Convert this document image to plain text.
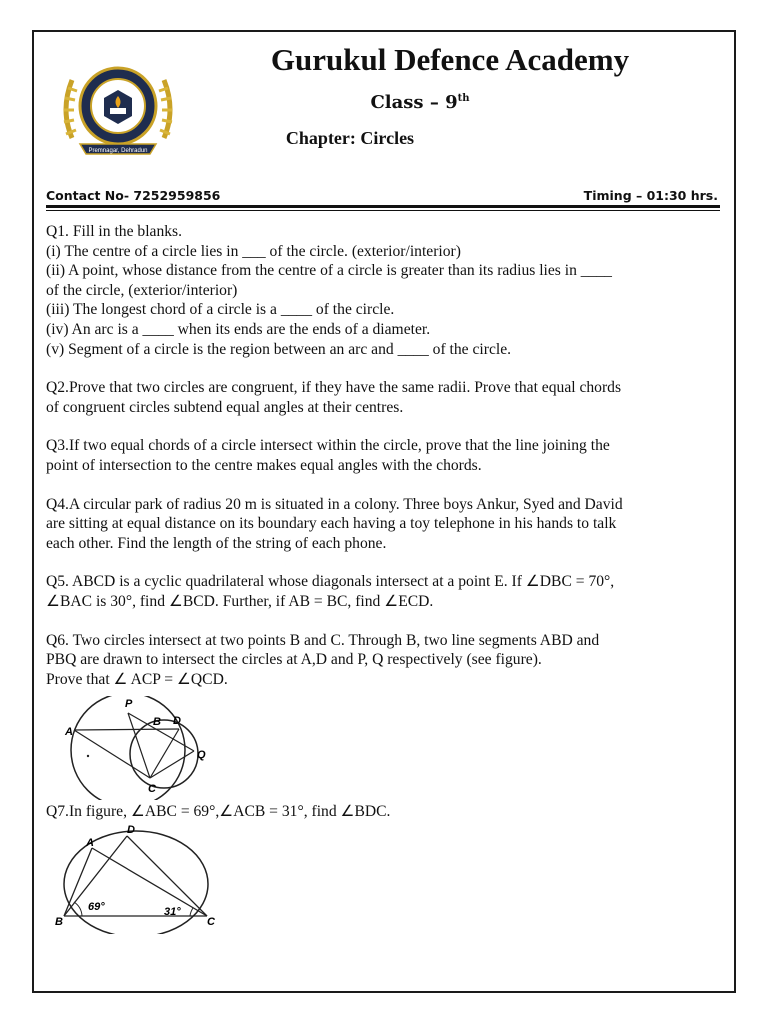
Premnagar, Dehradun
Gurukul Defence Academy
Class – 9th
Chapter: Circles
Contact No- 7252959856	Timing – 01:30 hrs.

Q1. Fill in the blanks.

(i) The centre of a circle lies in ___ of the circle. (exterior/interior)

(ii) A point, whose distance from the centre of a circle is greater than its radius lies in ____

of the circle, (exterior/interior)

(iii) The longest chord of a circle is a ____ of the circle.

(iv) An arc is a ____ when its ends are the ends of a diameter.

(v) Segment of a circle is the region between an arc and ____ of the circle.

Q2.Prove that two circles are congruent, if they have the same radii. Prove that equal chords

of congruent circles subtend equal angles at their centres.

Q3.If two equal chords of a circle intersect within the circle, prove that the line joining the

point of intersection to the centre makes equal angles with the chords.

Q4.A circular park of radius 20 m is situated in a colony. Three boys Ankur, Syed and David

are sitting at equal distance on its boundary each having a toy telephone in his hands to talk

each other. Find the length of the string of each phone.

Q5. ABCD is a cyclic quadrilateral whose diagonals intersect at a point E. If ∠DBC = 70°,

∠BAC is 30°, find ∠BCD. Further, if AB = BC, find ∠ECD.

Q6. Two circles intersect at two points B and C. Through B, two line segments ABD and

PBQ are drawn to intersect the circles at A,D and P, Q respectively (see figure).

Prove that ∠ ACP = ∠QCD.

Q7.In figure, ∠ABC = 69°,∠ACB = 31°, find ∠BDC.

A
P
B D
Q
C
A
D
B	C
69°	31°
